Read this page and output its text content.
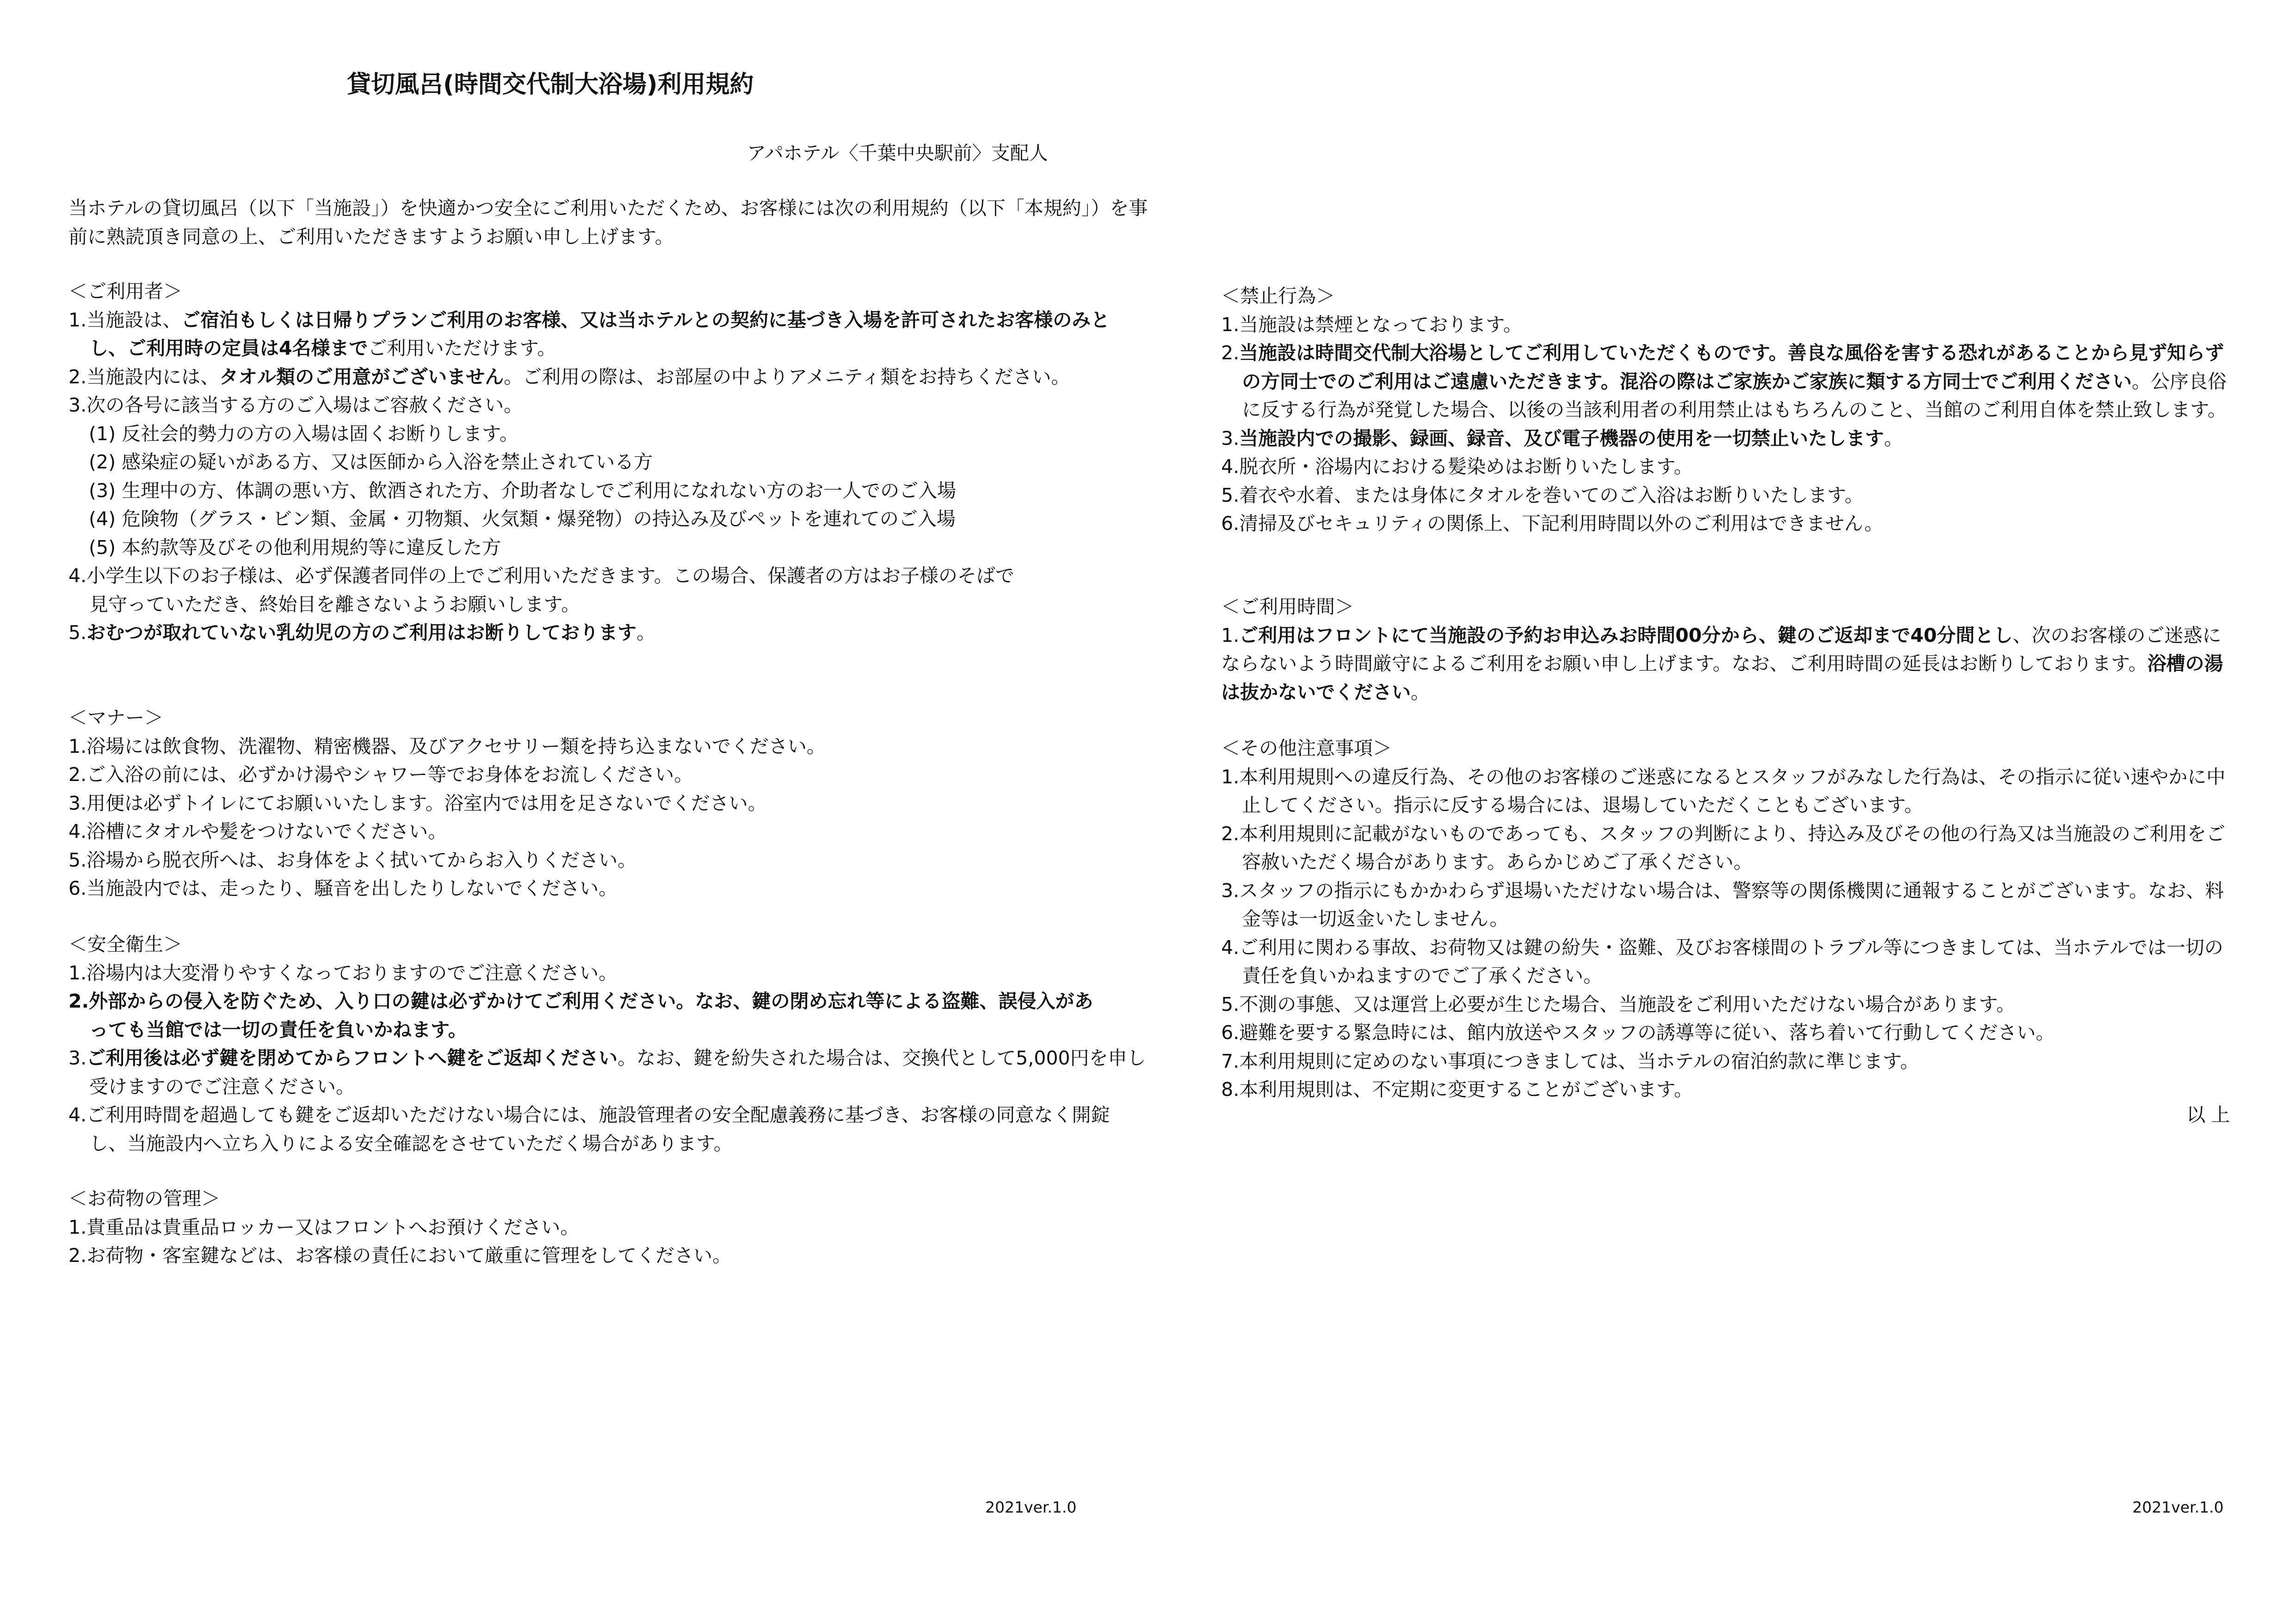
貸切風呂(時間交代制大浴場)利用規約
アパホテル〈千葉中央駅前〉支配人
当ホテルの貸切風呂（以下「当施設」）を快適かつ安全にご利用いただくため、お客様には次の利用規約（以下「本規約」）を事前に熟読頂き同意の上、ご利用いただきますようお願い申し上げます。
＜ご利用者＞
1.当施設は、ご宿泊もしくは日帰りプランご利用のお客様、又は当ホテルとの契約に基づき入場を許可されたお客様のみとし、ご利用時の定員は4名様までご利用いただけます。
2.当施設内には、タオル類のご用意がございません。ご利用の際は、お部屋の中よりアメニティ類をお持ちください。
3.次の各号に該当する方のご入場はご容赦ください。
(1) 反社会的勢力の方の入場は固くお断りします。
(2) 感染症の疑いがある方、又は医師から入浴を禁止されている方
(3) 生理中の方、体調の悪い方、飲酒された方、介助者なしでご利用になれない方のお一人でのご入場
(4) 危険物（グラス・ビン類、金属・刃物類、火気類・爆発物）の持込み及びペットを連れてのご入場
(5) 本約款等及びその他利用規約等に違反した方
4.小学生以下のお子様は、必ず保護者同伴の上でご利用いただきます。この場合、保護者の方はお子様のそばで見守っていただき、終始目を離さないようお願いします。
5.おむつが取れていない乳幼児の方のご利用はお断りしております。
＜マナー＞
1.浴場には飲食物、洗濯物、精密機器、及びアクセサリー類を持ち込まないでください。
2.ご入浴の前には、必ずかけ湯やシャワー等でお身体をお流しください。
3.用便は必ずトイレにてお願いいたします。浴室内では用を足さないでください。
4.浴槽にタオルや髪をつけないでください。
5.浴場から脱衣所へは、お身体をよく拭いてからお入りください。
6.当施設内では、走ったり、騒音を出したりしないでください。
＜安全衛生＞
1.浴場内は大変滑りやすくなっておりますのでご注意ください。
2.外部からの侵入を防ぐため、入り口の鍵は必ずかけてご利用ください。なお、鍵の閉め忘れ等による盗難、誤侵入があっても当館では一切の責任を負いかねます。
3.ご利用後は必ず鍵を閉めてからフロントへ鍵をご返却ください。なお、鍵を紛失された場合は、交換代として5,000円を申し受けますのでご注意ください。
4.ご利用時間を超過しても鍵をご返却いただけない場合には、施設管理者の安全配慮義務に基づき、お客様の同意なく開錠し、当施設内へ立ち入りによる安全確認をさせていただく場合があります。
＜お荷物の管理＞
1.貴重品は貴重品ロッカー又はフロントへお預けください。
2.お荷物・客室鍵などは、お客様の責任において厳重に管理をしてください。
＜禁止行為＞
1.当施設は禁煙となっております。
2.当施設は時間交代制大浴場としてご利用していただくものです。善良な風俗を害する恐れがあることから見ず知らずの方同士でのご利用はご遠慮いただきます。混浴の際はご家族かご家族に類する方同士でご利用ください。公序良俗に反する行為が発覚した場合、以後の当該利用者の利用禁止はもちろんのこと、当館のご利用自体を禁止致します。
3.当施設内での撮影、録画、録音、及び電子機器の使用を一切禁止いたします。
4.脱衣所・浴場内における髪染めはお断りいたします。
5.着衣や水着、または身体にタオルを巻いてのご入浴はお断りいたします。
6.清掃及びセキュリティの関係上、下記利用時間以外のご利用はできません。
＜ご利用時間＞
1.ご利用はフロントにて当施設の予約お申込みお時間00分から、鍵のご返却まで40分間とし、次のお客様のご迷惑にならないよう時間厳守によるご利用をお願い申し上げます。なお、ご利用時間の延長はお断りしております。浴槽の湯は抜かないでください。
＜その他注意事項＞
1.本利用規則への違反行為、その他のお客様のご迷惑になるとスタッフがみなした行為は、その指示に従い速やかに中止してください。指示に反する場合には、退場していただくこともございます。
2.本利用規則に記載がないものであっても、スタッフの判断により、持込み及びその他の行為又は当施設のご利用をご容赦いただく場合があります。あらかじめご了承ください。
3.スタッフの指示にもかかわらず退場いただけない場合は、警察等の関係機関に通報することがございます。なお、料金等は一切返金いたしません。
4.ご利用に関わる事故、お荷物又は鍵の紛失・盗難、及びお客様間のトラブル等につきましては、当ホテルでは一切の責任を負いかねますのでご了承ください。
5.不測の事態、又は運営上必要が生じた場合、当施設をご利用いただけない場合があります。
6.避難を要する緊急時には、館内放送やスタッフの誘導等に従い、落ち着いて行動してください。
7.本利用規則に定めのない事項につきましては、当ホテルの宿泊約款に準じます。
8.本利用規則は、不定期に変更することがございます。
以上
2021ver.1.0	2021ver.1.0
